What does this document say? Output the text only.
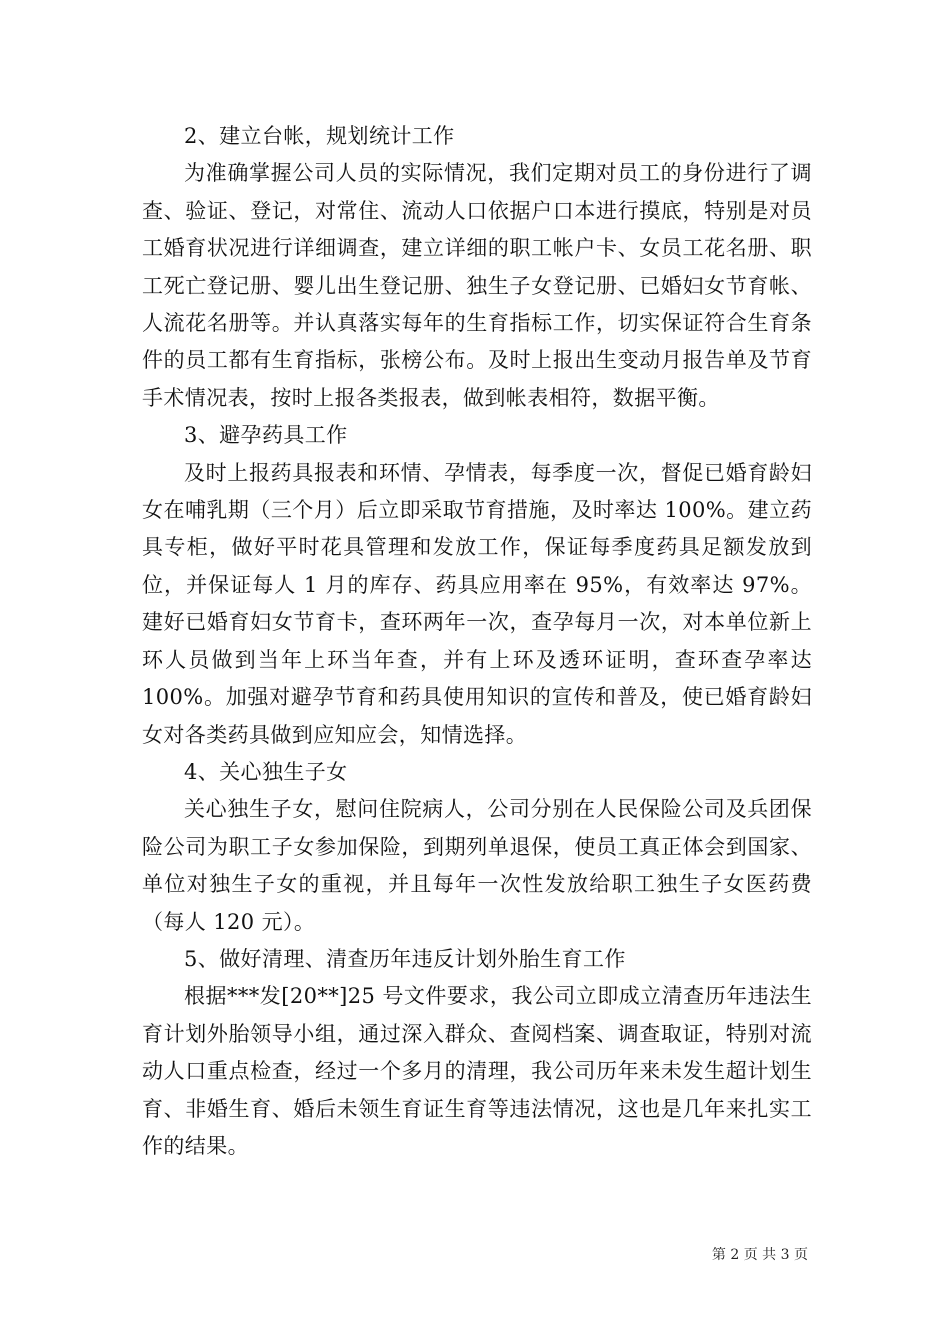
2、建立台帐，规划统计工作

为准确掌握公司人员的实际情况，我们定期对员工的身份进行了调查、验证、登记，对常住、流动人口依据户口本进行摸底，特别是对员工婚育状况进行详细调查，建立详细的职工帐户卡、女员工花名册、职工死亡登记册、婴儿出生登记册、独生子女登记册、已婚妇女节育帐、人流花名册等。并认真落实每年的生育指标工作，切实保证符合生育条件的员工都有生育指标，张榜公布。及时上报出生变动月报告单及节育手术情况表，按时上报各类报表，做到帐表相符，数据平衡。

3、避孕药具工作

及时上报药具报表和环情、孕情表，每季度一次，督促已婚育龄妇女在哺乳期（三个月）后立即采取节育措施，及时率达 100%。建立药具专柜，做好平时花具管理和发放工作，保证每季度药具足额发放到位，并保证每人 1 月的库存、药具应用率在 95%，有效率达 97%。建好已婚育妇女节育卡，查环两年一次，查孕每月一次，对本单位新上环人员做到当年上环当年查，并有上环及透环证明，查环查孕率达 100%。加强对避孕节育和药具使用知识的宣传和普及，使已婚育龄妇女对各类药具做到应知应会，知情选择。

4、关心独生子女

关心独生子女，慰问住院病人，公司分别在人民保险公司及兵团保险公司为职工子女参加保险，到期列单退保，使员工真正体会到国家、单位对独生子女的重视，并且每年一次性发放给职工独生子女医药费（每人 120 元）。

5、做好清理、清查历年违反计划外胎生育工作

根据***发[20**]25 号文件要求，我公司立即成立清查历年违法生育计划外胎领导小组，通过深入群众、查阅档案、调查取证，特别对流动人口重点检查，经过一个多月的清理，我公司历年来未发生超计划生育、非婚生育、婚后未领生育证生育等违法情况，这也是几年来扎实工作的结果。

第 2 页 共 3 页
